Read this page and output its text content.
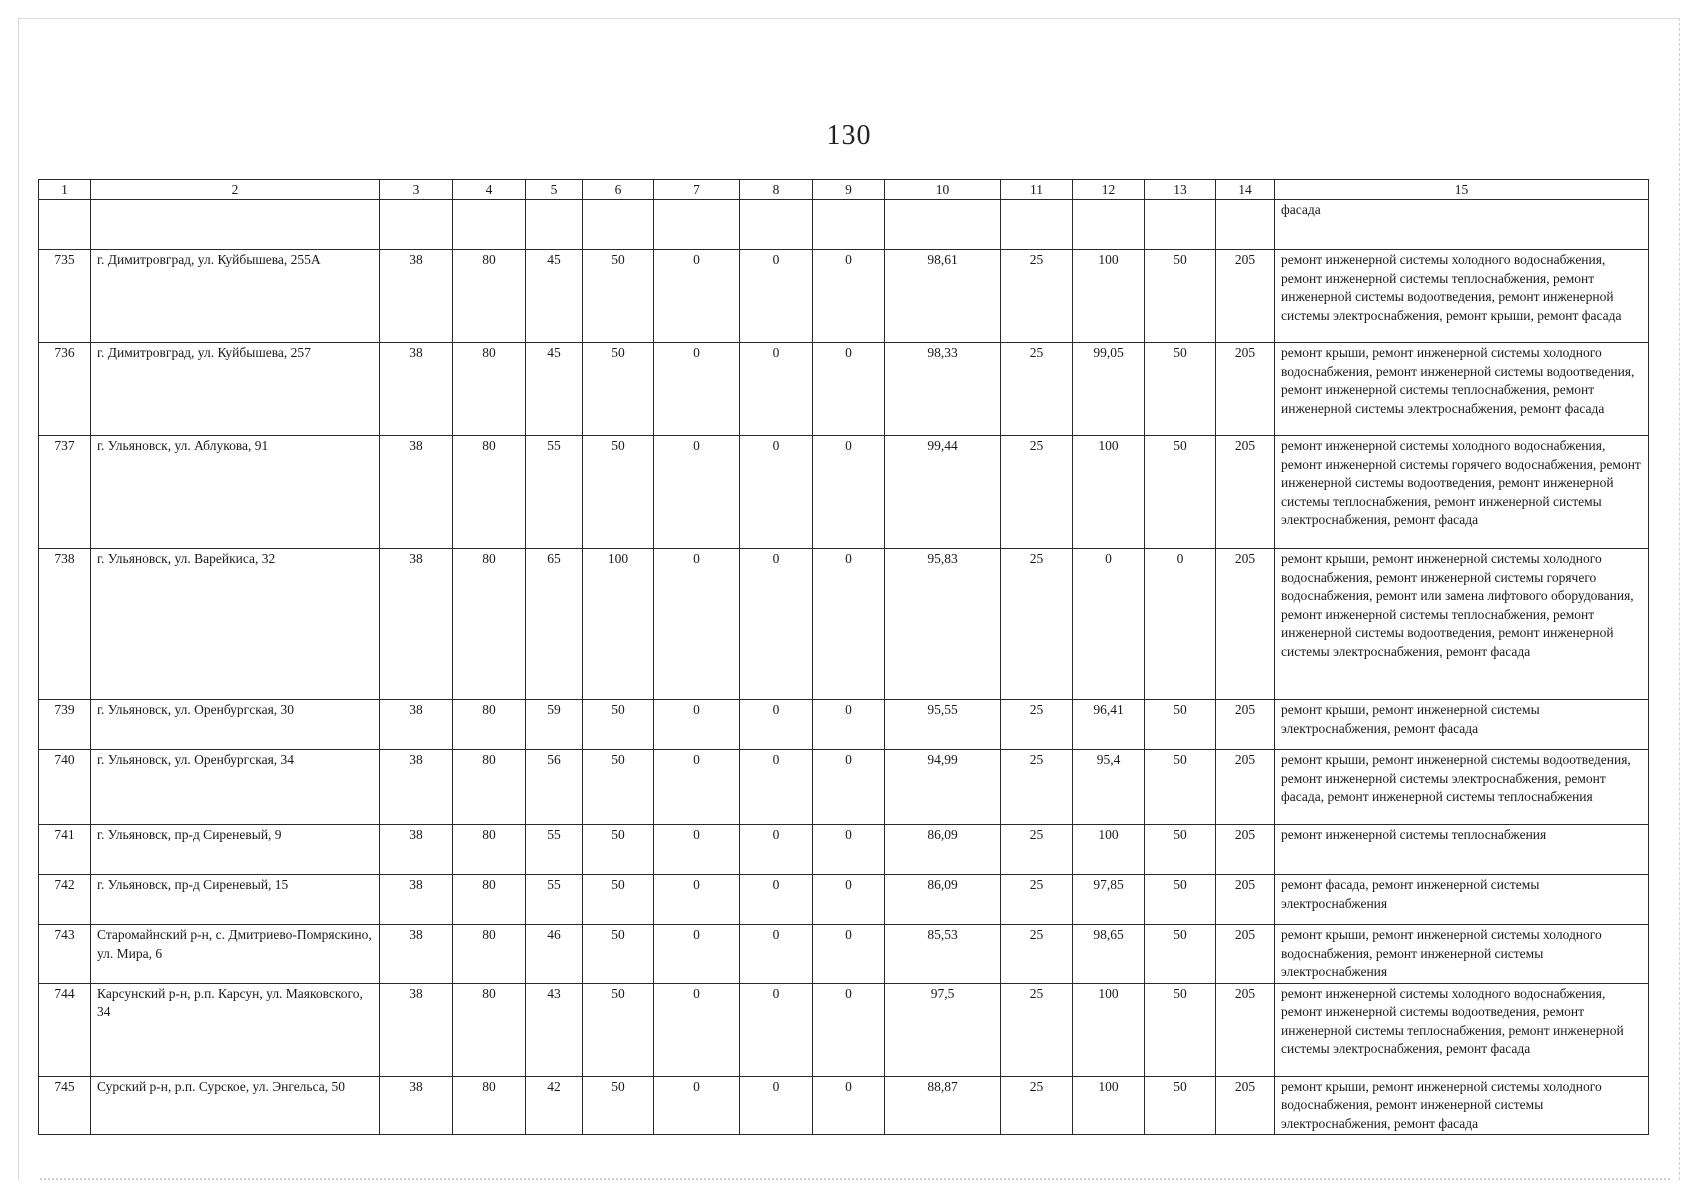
130
1	2	3	4	5	6	7	8	9	10	11	12	13	14	15
														фасада
735	г. Димитровград, ул. Куйбышева, 255А	38	80	45	50	0	0	0	98,61	25	100	50	205	ремонт инженерной системы холодного водоснабжения, ремонт инженерной системы теплоснабжения, ремонт инженерной системы водоотведения, ремонт инженерной системы электроснабжения, ремонт крыши, ремонт фасада
736	г. Димитровград, ул. Куйбышева, 257	38	80	45	50	0	0	0	98,33	25	99,05	50	205	ремонт крыши, ремонт инженерной системы холодного водоснабжения, ремонт инженерной системы водоотведения, ремонт инженерной системы теплоснабжения, ремонт инженерной системы электроснабжения, ремонт фасада
737	г. Ульяновск, ул. Аблукова, 91	38	80	55	50	0	0	0	99,44	25	100	50	205	ремонт инженерной системы холодного водоснабжения, ремонт инженерной системы горячего водоснабжения, ремонт инженерной системы водоотведения, ремонт инженерной системы теплоснабжения, ремонт инженерной системы электроснабжения, ремонт фасада
738	г. Ульяновск, ул. Варейкиса, 32	38	80	65	100	0	0	0	95,83	25	0	0	205	ремонт крыши, ремонт инженерной системы холодного водоснабжения, ремонт инженерной системы горячего водоснабжения, ремонт или замена лифтового оборудования, ремонт инженерной системы теплоснабжения, ремонт инженерной системы водоотведения, ремонт инженерной системы электроснабжения, ремонт фасада
739	г. Ульяновск, ул. Оренбургская, 30	38	80	59	50	0	0	0	95,55	25	96,41	50	205	ремонт крыши, ремонт инженерной системы электроснабжения, ремонт фасада
740	г. Ульяновск, ул. Оренбургская, 34	38	80	56	50	0	0	0	94,99	25	95,4	50	205	ремонт крыши, ремонт инженерной системы водоотведения, ремонт инженерной системы электроснабжения, ремонт фасада, ремонт инженерной системы теплоснабжения
741	г. Ульяновск, пр-д Сиреневый, 9	38	80	55	50	0	0	0	86,09	25	100	50	205	ремонт инженерной системы теплоснабжения
742	г. Ульяновск, пр-д Сиреневый, 15	38	80	55	50	0	0	0	86,09	25	97,85	50	205	ремонт фасада, ремонт инженерной системы электроснабжения
743	Старомайнский р-н, с. Дмитриево-Помряскино, ул. Мира, 6	38	80	46	50	0	0	0	85,53	25	98,65	50	205	ремонт крыши, ремонт инженерной системы холодного водоснабжения, ремонт инженерной системы электроснабжения
744	Карсунский р-н, р.п. Карсун, ул. Маяковского, 34	38	80	43	50	0	0	0	97,5	25	100	50	205	ремонт инженерной системы холодного водоснабжения, ремонт инженерной системы водоотведения, ремонт инженерной системы теплоснабжения, ремонт инженерной системы электроснабжения, ремонт фасада
745	Сурский р-н, р.п. Сурское, ул. Энгельса, 50	38	80	42	50	0	0	0	88,87	25	100	50	205	ремонт крыши, ремонт инженерной системы холодного водоснабжения, ремонт инженерной системы электроснабжения, ремонт фасада
